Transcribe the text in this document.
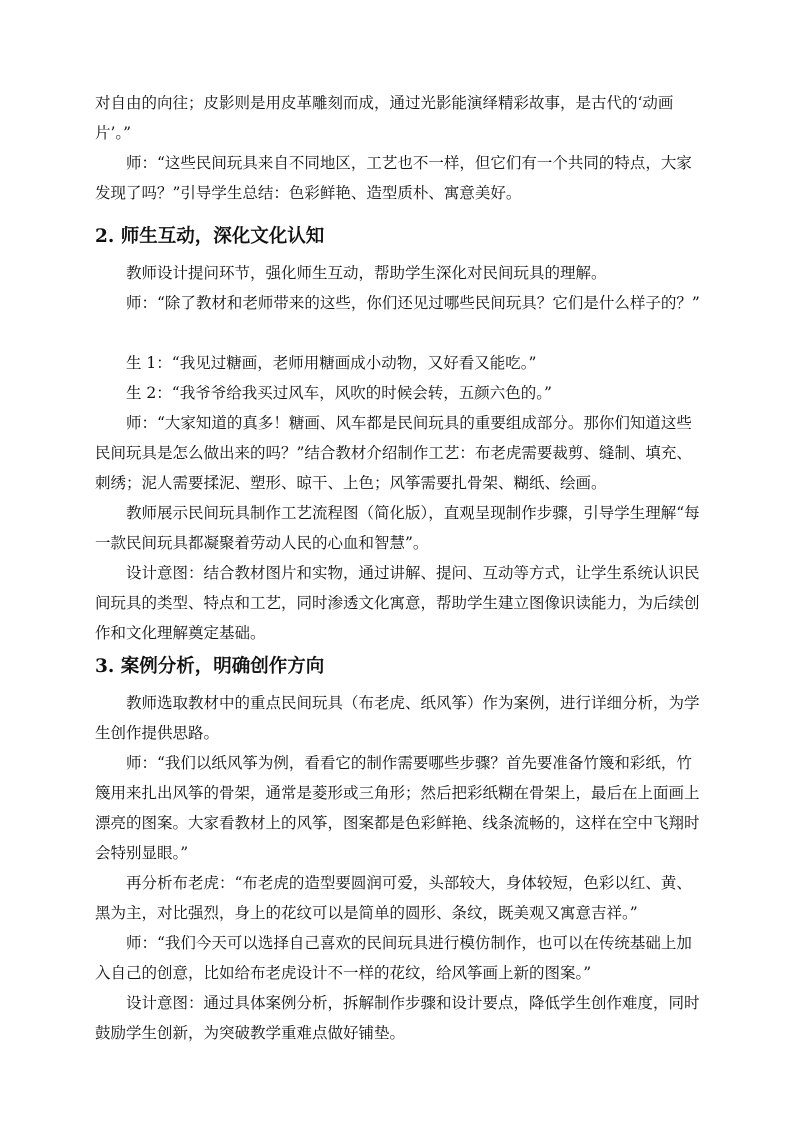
对自由的向往；皮影则是用皮革雕刻而成，通过光影能演绎精彩故事，是古代的‘动画片’。”

师：“这些民间玩具来自不同地区，工艺也不一样，但它们有一个共同的特点，大家发现了吗？”引导学生总结：色彩鲜艳、造型质朴、寓意美好。

2. 师生互动，深化文化认知

教师设计提问环节，强化师生互动，帮助学生深化对民间玩具的理解。

师：“除了教材和老师带来的这些，你们还见过哪些民间玩具？它们是什么样子的？”

生 1：“我见过糖画，老师用糖画成小动物，又好看又能吃。”

生 2：“我爷爷给我买过风车，风吹的时候会转，五颜六色的。”

师：“大家知道的真多！糖画、风车都是民间玩具的重要组成部分。那你们知道这些民间玩具是怎么做出来的吗？”结合教材介绍制作工艺：布老虎需要裁剪、缝制、填充、刺绣；泥人需要揉泥、塑形、晾干、上色；风筝需要扎骨架、糊纸、绘画。

教师展示民间玩具制作工艺流程图（简化版），直观呈现制作步骤，引导学生理解“每一款民间玩具都凝聚着劳动人民的心血和智慧”。

设计意图：结合教材图片和实物，通过讲解、提问、互动等方式，让学生系统认识民间玩具的类型、特点和工艺，同时渗透文化寓意，帮助学生建立图像识读能力，为后续创作和文化理解奠定基础。

3. 案例分析，明确创作方向

教师选取教材中的重点民间玩具（布老虎、纸风筝）作为案例，进行详细分析，为学生创作提供思路。

师：“我们以纸风筝为例，看看它的制作需要哪些步骤？首先要准备竹篾和彩纸，竹篾用来扎出风筝的骨架，通常是菱形或三角形；然后把彩纸糊在骨架上，最后在上面画上漂亮的图案。大家看教材上的风筝，图案都是色彩鲜艳、线条流畅的，这样在空中飞翔时会特别显眼。”

再分析布老虎：“布老虎的造型要圆润可爱，头部较大，身体较短，色彩以红、黄、黑为主，对比强烈，身上的花纹可以是简单的圆形、条纹，既美观又寓意吉祥。”

师：“我们今天可以选择自己喜欢的民间玩具进行模仿制作，也可以在传统基础上加入自己的创意，比如给布老虎设计不一样的花纹，给风筝画上新的图案。”

设计意图：通过具体案例分析，拆解制作步骤和设计要点，降低学生创作难度，同时鼓励学生创新，为突破教学重难点做好铺垫。
